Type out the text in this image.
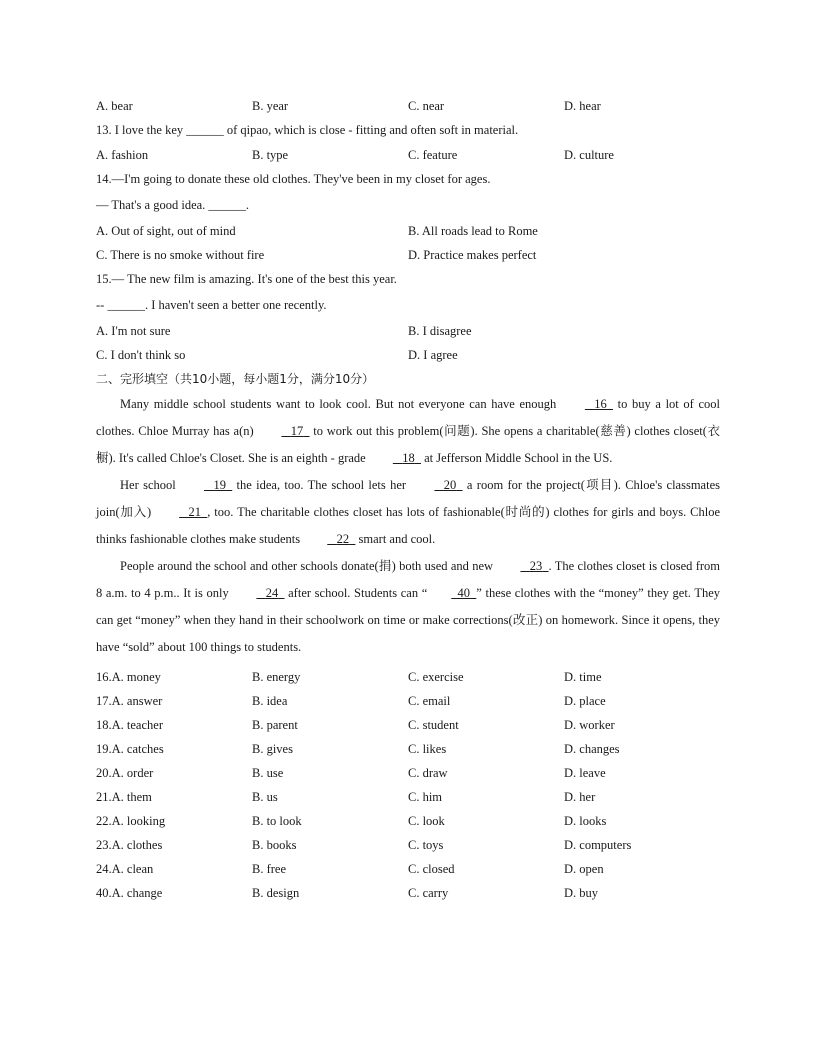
A. bear	B. year	C. near	D. hear
13. I love the key ______ of qipao, which is close - fitting and often soft in material.
A. fashion	B. type	C. feature	D. culture
14.—I'm going to donate these old clothes. They've been in my closet for ages.
— That's a good idea. ______.
A. Out of sight, out of mind	B. All roads lead to Rome
C. There is no smoke without fire	D. Practice makes perfect
15.— The new film is amazing. It's one of the best this year.
-- ______. I haven't seen a better one recently.
A. I'm not sure	B. I disagree
C. I don't think so	D. I agree
二、完形填空（共10小题，每小题1分，满分10分）

Many middle school students want to look cool. But not everyone can have enough	16   to buy a lot of cool clothes. Chloe Murray has a(n)	17   to work out this problem(问题). She opens a charitable(慈善) clothes closet(衣橱). It's called Chloe's Closet. She is an eighth - grade	18   at Jefferson Middle School in the US.

Her school	19   the idea, too. The school lets her	20   a room for the project(项目). Chloe's classmates join(加入)	21 , too. The charitable clothes closet has lots of fashionable(时尚的) clothes for girls and boys. Chloe thinks fashionable clothes make students	22   smart and cool.

People around the school and other schools donate(捐) both used and new	23 . The clothes closet is closed from 8 a.m. to 4 p.m.. It is only	24   after school. Students can “ 40 ” these clothes with the “money” they get. They can get “money” when they hand in their schoolwork on time or make corrections(改正) on homework. Since it opens, they have “sold” about 100 things to students.

16.A. money	B. energy	C. exercise	D. time
17.A. answer	B. idea	C. email	D. place
18.A. teacher	B. parent	C. student	D. worker
19.A. catches	B. gives	C. likes	D. changes
20.A. order	B. use	C. draw	D. leave
21.A. them	B. us	C. him	D. her
22.A. looking	B. to look	C. look	D. looks
23.A. clothes	B. books	C. toys	D. computers
24.A. clean	B. free	C. closed	D. open
40.A. change	B. design	C. carry	D. buy
